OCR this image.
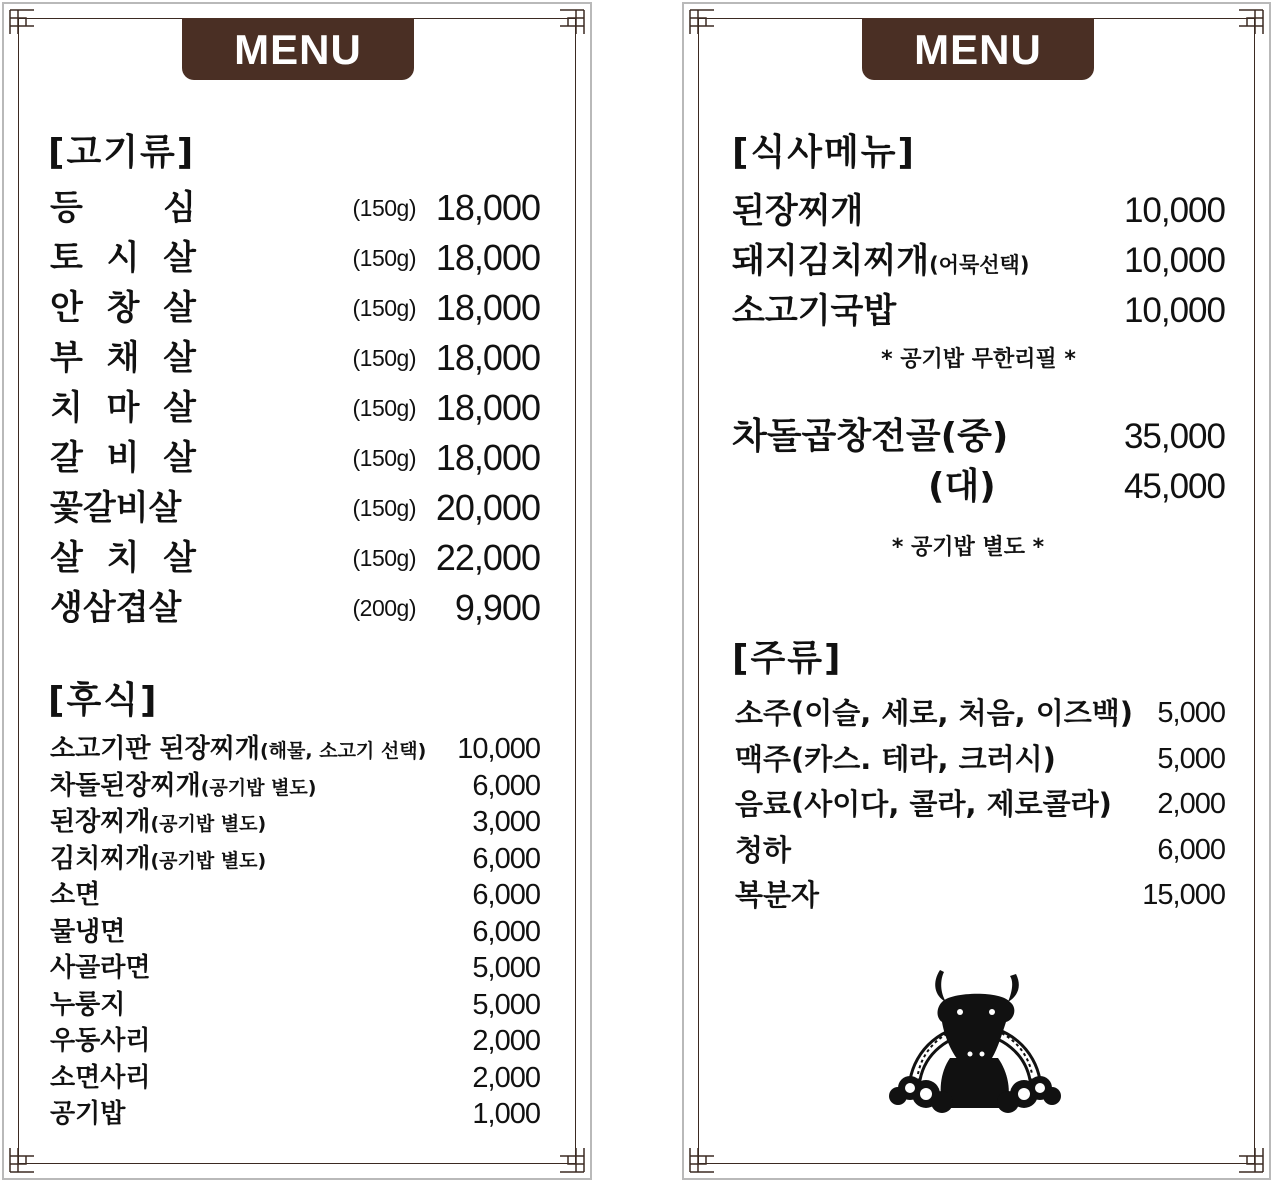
MENU
[고기류]
등 심	(150g) 18,000
토 시 살	(150g) 18,000
안 창 살	(150g) 18,000
부 채 살	(150g) 18,000
치 마 살	(150g) 18,000
갈 비 살	(150g) 18,000
꽃갈비살	(150g) 20,000
살 치 살	(150g) 22,000
생삼겹살	(200g) 9,900
[후식]
소고기판 된장찌개(해물, 소고기 선택) 10,000
차돌된장찌개(공기밥 별도)	6,000
된장찌개(공기밥 별도)	3,000
김치찌개(공기밥 별도)	6,000
소면	6,000
물냉면	6,000
사골라면	5,000
누룽지	5,000
우동사리	2,000
소면사리	2,000
공기밥	1,000
MENU
[식사메뉴]
된장찌개	10,000
돼지김치찌개(어묵선택)	10,000
소고기국밥	10,000
* 공기밥 무한리필 *
차돌곱창전골(중)	35,000
(대)	45,000
* 공기밥 별도 *
[주류]
소주(이슬, 세로, 처음, 이즈백) 5,000
맥주(카스. 테라, 크러시)	5,000
음료(사이다, 콜라, 제로콜라) 2,000
청하	6,000
복분자	15,000
